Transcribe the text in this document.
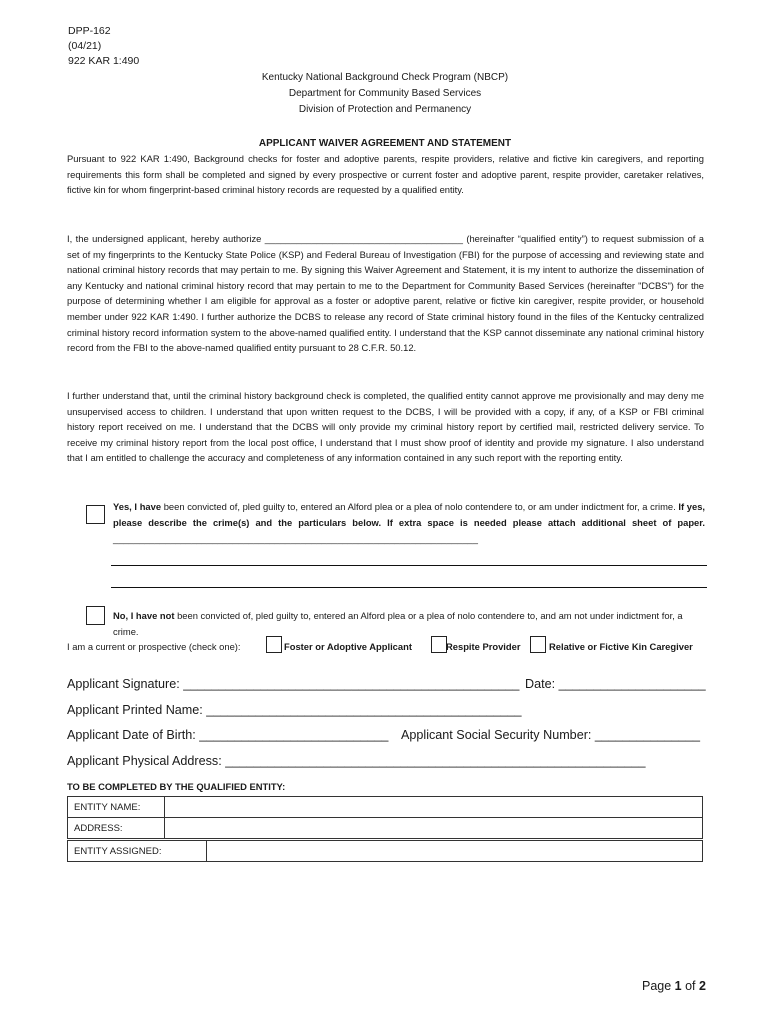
DPP-162
(04/21)
922 KAR 1:490
Kentucky National Background Check Program (NBCP)
Department for Community Based Services
Division of Protection and Permanency
APPLICANT WAIVER AGREEMENT AND STATEMENT
Pursuant to 922 KAR 1:490, Background checks for foster and adoptive parents, respite providers, relative and fictive kin caregivers, and reporting requirements this form shall be completed and signed by every prospective or current foster and adoptive parent, respite provider, caretaker relatives, fictive kin for whom fingerprint-based criminal history records are requested by a qualified entity.
I, the undersigned applicant, hereby authorize ______________________________________ (hereinafter “qualified entity”) to request submission of a set of my fingerprints to the Kentucky State Police (KSP) and Federal Bureau of Investigation (FBI) for the purpose of accessing and reviewing state and national criminal history records that may pertain to me. By signing this Waiver Agreement and Statement, it is my intent to authorize the dissemination of any Kentucky and national criminal history record that may pertain to me to the Department for Community Based Services (hereinafter "DCBS") for the purpose of determining whether I am eligible for approval as a foster or adoptive parent, relative or fictive kin caregiver, respite provider, or household member under 922 KAR 1:490. I further authorize the DCBS to release any record of State criminal history found in the files of the Kentucky centralized criminal history record information system to the above-named qualified entity. I understand that the KSP cannot disseminate any national criminal history record from the FBI to the above-named qualified entity pursuant to 28 C.F.R. 50.12.
I further understand that, until the criminal history background check is completed, the qualified entity cannot approve me provisionally and may deny me unsupervised access to children. I understand that upon written request to the DCBS, I will be provided with a copy, if any, of a KSP or FBI criminal history report received on me. I understand that the DCBS will only provide my criminal history report by certified mail, restricted delivery service. To receive my criminal history report from the local post office, I understand that I must show proof of identity and provide my signature. I also understand that I am entitled to challenge the accuracy and completeness of any information contained in any such report with the reporting entity.
Yes, I have been convicted of, pled guilty to, entered an Alford plea or a plea of nolo contendere to, or am under indictment for, a crime. If yes, please describe the crime(s) and the particulars below. If extra space is needed please attach additional sheet of paper. ______________________________________________________________________
No, I have not been convicted of, pled guilty to, entered an Alford plea or a plea of nolo contendere to, and am not under indictment for, a crime.
I am a current or prospective (check one):	Foster or Adoptive Applicant	Respite Provider	Relative or Fictive Kin Caregiver
Applicant Signature: ________________________________________________ Date: _____________________
Applicant Printed Name: _____________________________________________
Applicant Date of Birth: ___________________________ Applicant Social Security Number: _______________
Applicant Physical Address: ____________________________________________________________
TO BE COMPLETED BY THE QUALIFIED ENTITY:
ENTITY NAME:	
ADDRESS:	
ENTITY ASSIGNED:	
Page 1 of 2
